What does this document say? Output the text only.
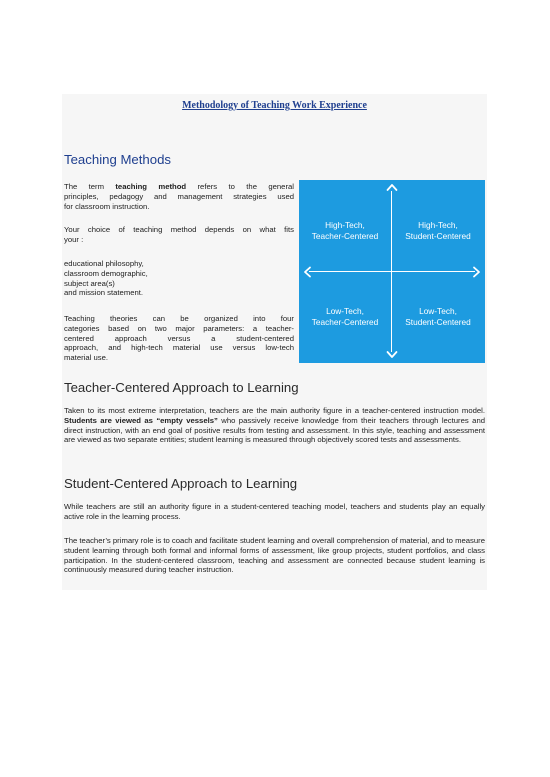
Methodology of Teaching Work Experience
Teaching Methods
The term teaching method refers to the general
principles, pedagogy and management strategies used
for classroom instruction.
Your choice of teaching method depends on what fits
your :
educational philosophy,
classroom demographic,
subject area(s)
and mission statement.
Teaching theories can be organized into four
categories based on two major parameters: a teacher-
centered approach versus a student-centered
approach, and high-tech material use versus low-tech
material use.
High-Tech,
Teacher-Centered
High-Tech,
Student-Centered
Low-Tech,
Teacher-Centered
Low-Tech,
Student-Centered
Teacher-Centered Approach to Learning
Taken to its most extreme interpretation, teachers are the main authority figure in a teacher-centered instruction model. Students are viewed as “empty vessels” who passively receive knowledge from their teachers through lectures and direct instruction, with an end goal of positive results from testing and assessment. In this style, teaching and assessment are viewed as two separate entities; student learning is measured through objectively scored tests and assessments.
Student-Centered Approach to Learning
While teachers are still an authority figure in a student-centered teaching model, teachers and students play an equally active role in the learning process.
The teacher’s primary role is to coach and facilitate student learning and overall comprehension of material, and to measure student learning through both formal and informal forms of assessment, like group projects, student portfolios, and class participation. In the student-centered classroom, teaching and assessment are connected because student learning is continuously measured during teacher instruction.
